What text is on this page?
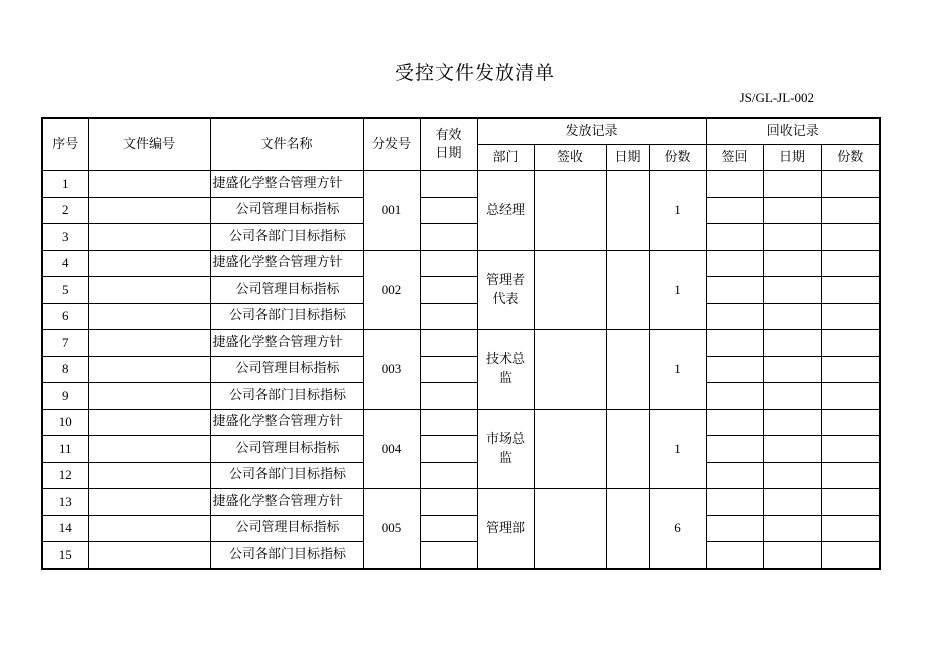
受控文件发放清单
JS/GL-JL-002
序号	文件编号	文件名称	分发号	有效日期	发放记录				回收记录		
					部门	签收	日期	份数	签回	日期	份数
1		捷盛化学整合管理方针	001		总经理			1			
2		公司管理目标指标									
3		公司各部门目标指标									
4		捷盛化学整合管理方针	002		管理者代表			1			
5		公司管理目标指标									
6		公司各部门目标指标									
7		捷盛化学整合管理方针	003		技术总监			1			
8		公司管理目标指标									
9		公司各部门目标指标									
10		捷盛化学整合管理方针	004		市场总监			1			
11		公司管理目标指标									
12		公司各部门目标指标									
13		捷盛化学整合管理方针	005		管理部			6			
14		公司管理目标指标									
15		公司各部门目标指标									
